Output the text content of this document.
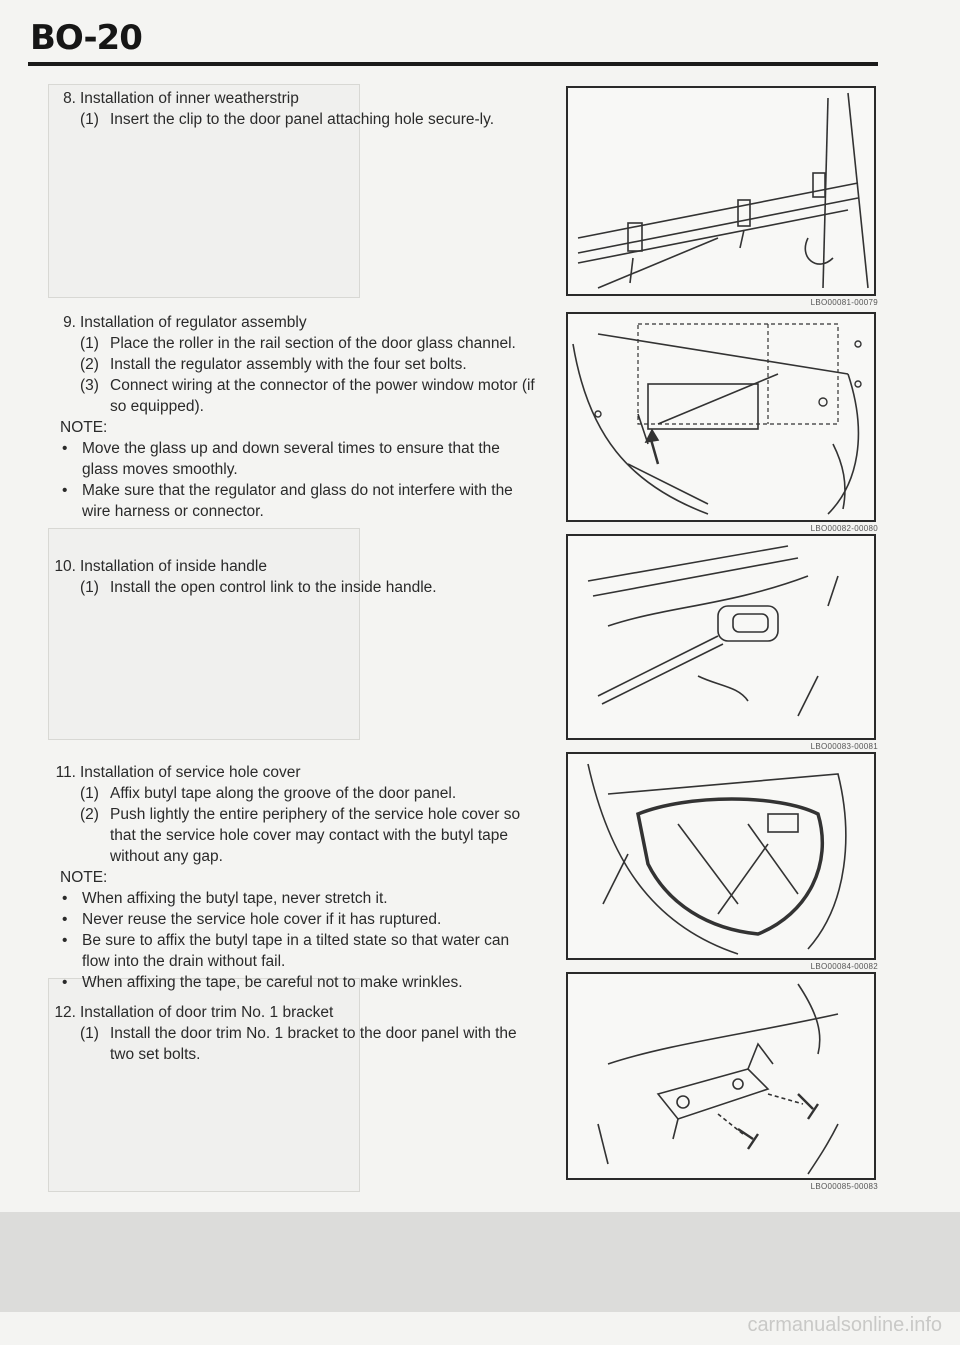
BO-20
8. Installation of inner weatherstrip
(1) Insert the clip to the door panel attaching hole secure-ly.
9. Installation of regulator assembly
(1) Place the roller in the rail section of the door glass channel.
(2) Install the regulator assembly with the four set bolts.
(3) Connect wiring at the connector of the power window motor (if so equipped).
NOTE:
• Move the glass up and down several times to ensure that the glass moves smoothly.
• Make sure that the regulator and glass do not interfere with the wire harness or connector.
10. Installation of inside handle
(1) Install the open control link to the inside handle.
11. Installation of service hole cover
(1) Affix butyl tape along the groove of the door panel.
(2) Push lightly the entire periphery of the service hole cover so that the service hole cover may contact with the butyl tape without any gap.
NOTE:
• When affixing the butyl tape, never stretch it.
• Never reuse the service hole cover if it has ruptured.
• Be sure to affix the butyl tape in a tilted state so that water can flow into the drain without fail.
• When affixing the tape, be careful not to make wrinkles.
12. Installation of door trim No. 1 bracket
(1) Install the door trim No. 1 bracket to the door panel with the two set bolts.
LBO00081-00079
LBO00082-00080
LBO00083-00081
LBO00084-00082
LBO00085-00083
carmanualsonline.info
